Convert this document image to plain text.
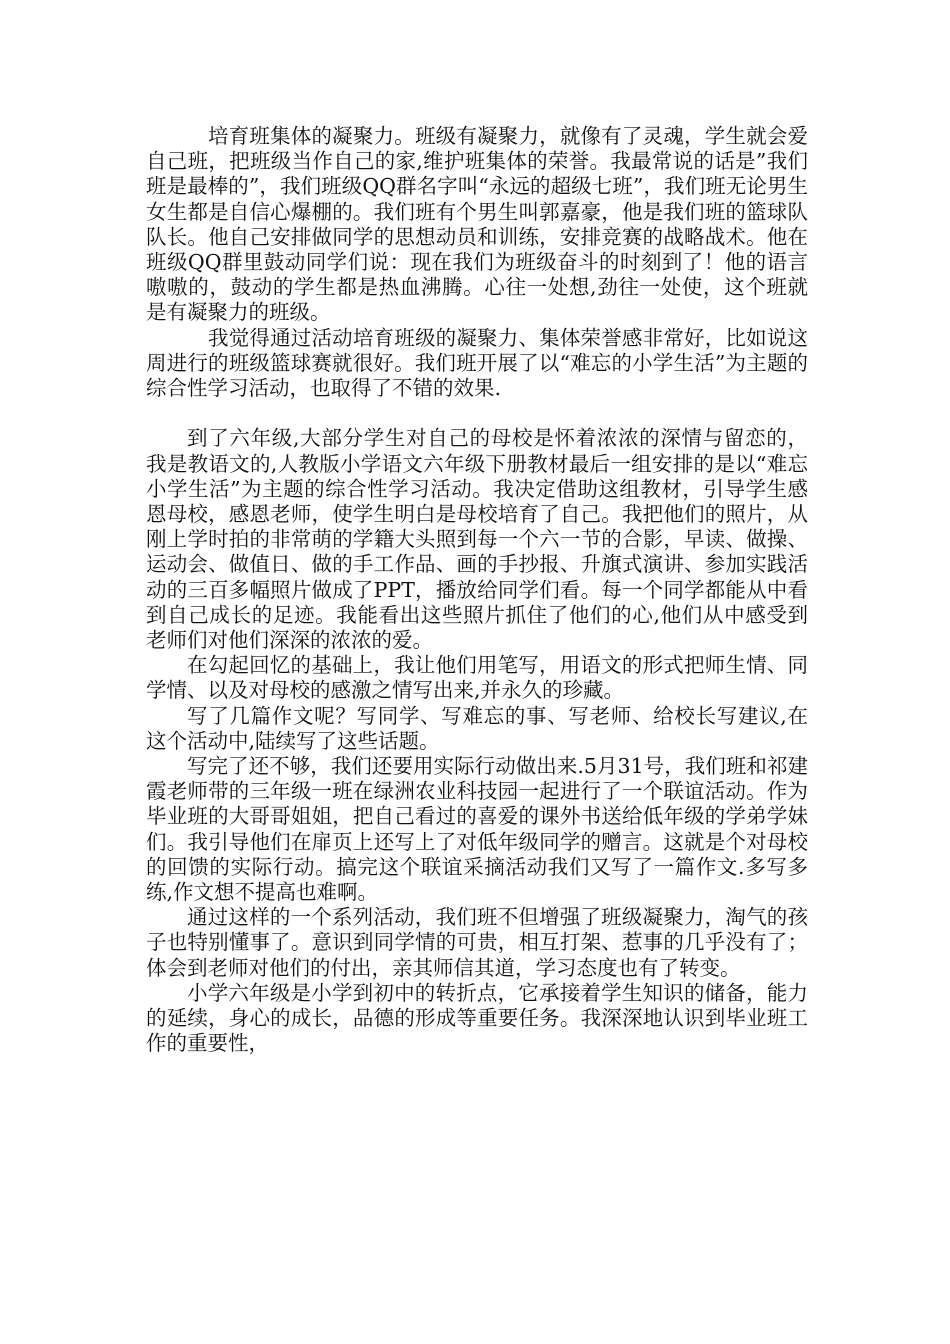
培育班集体的凝聚力。班级有凝聚力，就像有了灵魂，学生就会爱自己班，把班级当作自己的家,维护班集体的荣誉。我最常说的话是”我们班是最棒的”，我们班级QQ群名字叫“永远的超级七班”，我们班无论男生女生都是自信心爆棚的。我们班有个男生叫郭嘉豪，他是我们班的篮球队队长。他自己安排做同学的思想动员和训练，安排竞赛的战略战术。他在班级QQ群里鼓动同学们说：现在我们为班级奋斗的时刻到了！他的语言嗷嗷的，鼓动的学生都是热血沸腾。心往一处想,劲往一处使，这个班就是有凝聚力的班级。

我觉得通过活动培育班级的凝聚力、集体荣誉感非常好，比如说这周进行的班级篮球赛就很好。我们班开展了以“难忘的小学生活”为主题的综合性学习活动，也取得了不错的效果.

到了六年级,大部分学生对自己的母校是怀着浓浓的深情与留恋的，我是教语文的,人教版小学语文六年级下册教材最后一组安排的是以“难忘小学生活”为主题的综合性学习活动。我决定借助这组教材，引导学生感恩母校，感恩老师，使学生明白是母校培育了自己。我把他们的照片，从刚上学时拍的非常萌的学籍大头照到每一个六一节的合影，早读、做操、运动会、做值日、做的手工作品、画的手抄报、升旗式演讲、参加实践活动的三百多幅照片做成了PPT，播放给同学们看。每一个同学都能从中看到自己成长的足迹。我能看出这些照片抓住了他们的心,他们从中感受到老师们对他们深深的浓浓的爱。

在勾起回忆的基础上，我让他们用笔写，用语文的形式把师生情、同学情、以及对母校的感激之情写出来,并永久的珍藏。

写了几篇作文呢？写同学、写难忘的事、写老师、给校长写建议,在这个活动中,陆续写了这些话题。

写完了还不够，我们还要用实际行动做出来.5月31号，我们班和祁建霞老师带的三年级一班在绿洲农业科技园一起进行了一个联谊活动。作为毕业班的大哥哥姐姐，把自己看过的喜爱的课外书送给低年级的学弟学妹们。我引导他们在扉页上还写上了对低年级同学的赠言。这就是个对母校的回馈的实际行动。搞完这个联谊采摘活动我们又写了一篇作文.多写多练,作文想不提高也难啊。

通过这样的一个系列活动，我们班不但增强了班级凝聚力，淘气的孩子也特别懂事了。意识到同学情的可贵，相互打架、惹事的几乎没有了；体会到老师对他们的付出，亲其师信其道，学习态度也有了转变。

小学六年级是小学到初中的转折点，它承接着学生知识的储备，能力的延续，身心的成长，品德的形成等重要任务。我深深地认识到毕业班工作的重要性，
